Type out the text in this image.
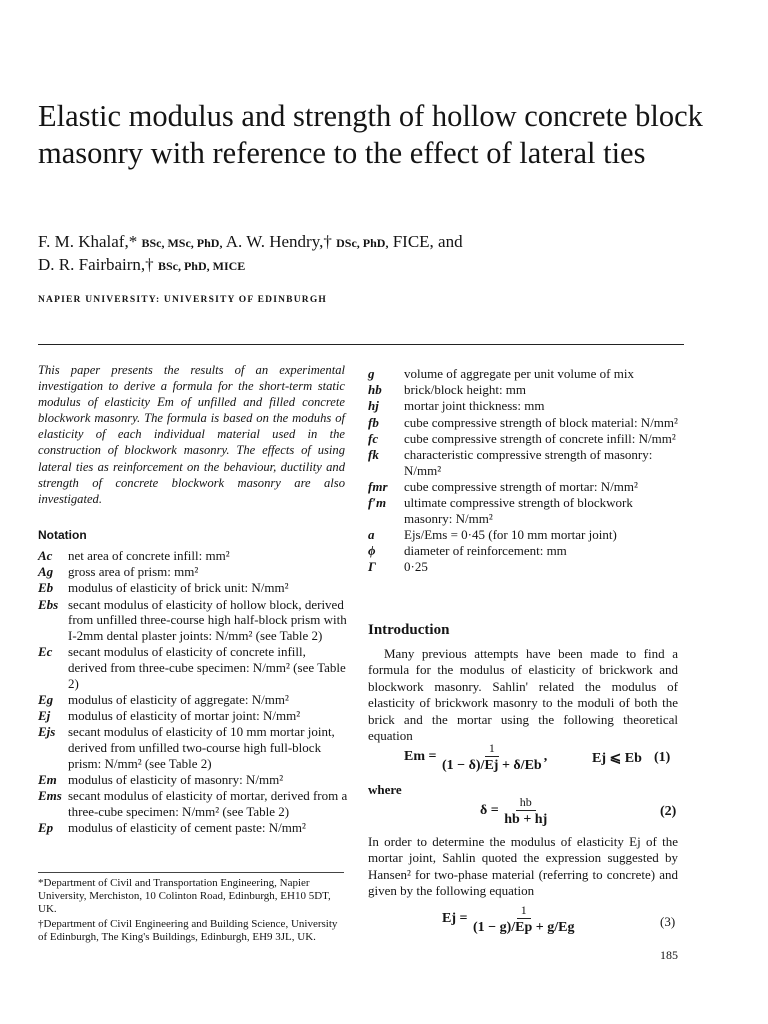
Elastic modulus and strength of hollow concrete block masonry with reference to the effect of lateral ties
F. M. Khalaf,* BSc, MSc, PhD, A. W. Hendry,† DSc, PhD, FICE, and
D. R. Fairbairn,† BSc, PhD, MICE
NAPIER UNIVERSITY: UNIVERSITY OF EDINBURGH
This paper presents the results of an experimental investigation to derive a formula for the short-term static modulus of elasticity Em of unfilled and filled concrete blockwork masonry. The formula is based on the moduhs of elasticity of each individual material used in the construction of blockwork masonry. The effects of using lateral ties as reinforcement on the behaviour, ductility and strength of concrete blockwork masonry are also investigated.
Notation
Ac	net area of concrete infill: mm²
Ag	gross area of prism: mm²
Eb	modulus of elasticity of brick unit: N/mm²
Ebs secant modulus of elasticity of hollow block, derived from unfilled three-course high half-block prism with I-2mm dental plaster joints: N/mm² (see Table 2)
Ec	secant modulus of elasticity of concrete infill, derived from three-cube specimen: N/mm² (see Table 2)
Eg	modulus of elasticity of aggregate: N/mm²
Ej	modulus of elasticity of mortar joint: N/mm²
Ejs secant modulus of elasticity of 10 mm mortar joint, derived from unfilled two-course high full-block prism: N/mm² (see Table 2)
Em modulus of elasticity of masonry: N/mm²
Ems secant modulus of elasticity of mortar, derived from a three-cube specimen: N/mm² (see Table 2)
Ep	modulus of elasticity of cement paste: N/mm²
g	volume of aggregate per unit volume of mix
hb	brick/block height: mm
hj	mortar joint thickness: mm
fb	cube compressive strength of block material: N/mm²
fc	cube compressive strength of concrete infill: N/mm²
fk	characteristic compressive strength of masonry: N/mm²
fmr	cube compressive strength of mortar: N/mm²
f′m	ultimate compressive strength of blockwork masonry: N/mm²
a	Ejs/Ems = 0·45 (for 10 mm mortar joint)
ϕ	diameter of reinforcement: mm
Γ	0·25
Introduction
Many previous attempts have been made to find a formula for the modulus of elasticity of brickwork and blockwork masonry. Sahlin' related the modulus of elasticity of brickwork masonry to the moduli of both the brick and the mortar using the following theoretical equation
$Em = \frac{1}{(1 - \delta)/Ej + \delta/Eb}$ ,	Ej ⩽ Eb (1)
where
$\delta = \frac{hb}{hb + hj}$	(2)
In order to determine the modulus of elasticity Ej of the mortar joint, Sahlin quoted the expression suggested by Hansen² for two-phase material (referring to concrete) and given by the following equation
$Ej = \frac{1}{(1 - g)/Ep + g/Eg}$	(3)
*Department of Civil and Transportation Engineering, Napier University, Merchiston, 10 Colinton Road, Edinburgh, EH10 5DT, UK.
†Department of Civil Engineering and Building Science, University of Edinburgh, The King's Buildings, Edinburgh, EH9 3JL, UK.
185
